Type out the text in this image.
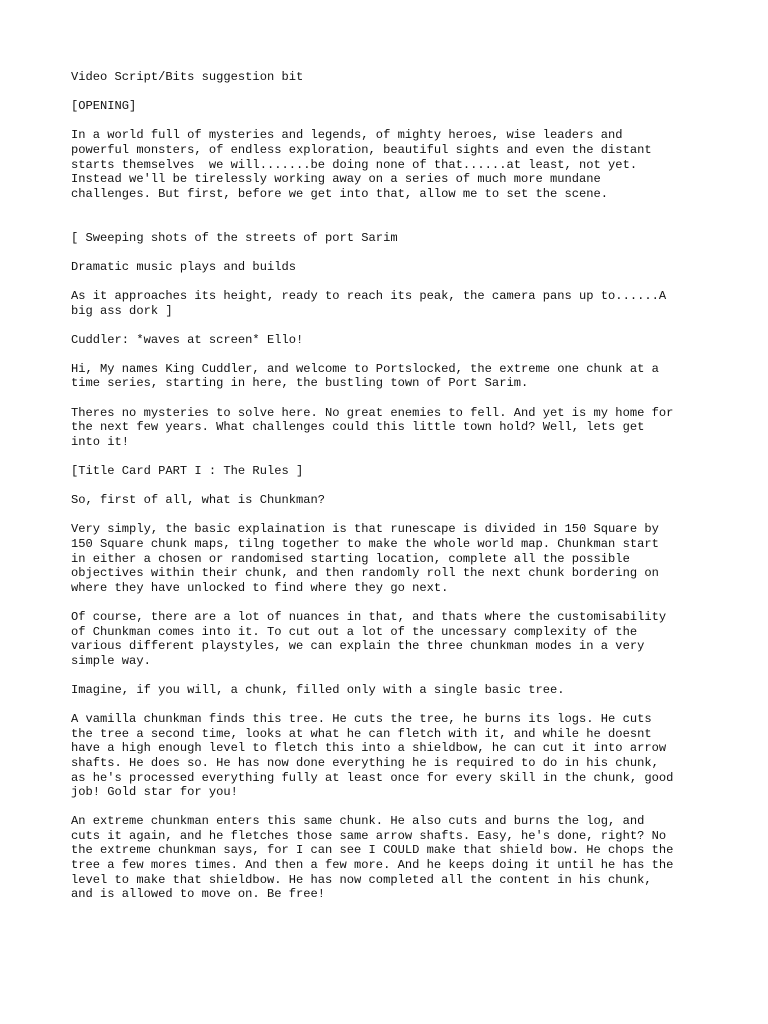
Video Script/Bits suggestion bit

[OPENING]

In a world full of mysteries and legends, of mighty heroes, wise leaders and
powerful monsters, of endless exploration, beautiful sights and even the distant
starts themselves  we will.......be doing none of that......at least, not yet.
Instead we'll be tirelessly working away on a series of much more mundane
challenges. But first, before we get into that, allow me to set the scene.

[ Sweeping shots of the streets of port Sarim

Dramatic music plays and builds

As it approaches its height, ready to reach its peak, the camera pans up to......A
big ass dork ]

Cuddler: *waves at screen* Ello!

Hi, My names King Cuddler, and welcome to Portslocked, the extreme one chunk at a
time series, starting in here, the bustling town of Port Sarim.

Theres no mysteries to solve here. No great enemies to fell. And yet is my home for
the next few years. What challenges could this little town hold? Well, lets get
into it!

[Title Card PART I : The Rules ]

So, first of all, what is Chunkman?

Very simply, the basic explaination is that runescape is divided in 150 Square by
150 Square chunk maps, tilng together to make the whole world map. Chunkman start
in either a chosen or randomised starting location, complete all the possible
objectives within their chunk, and then randomly roll the next chunk bordering on
where they have unlocked to find where they go next.

Of course, there are a lot of nuances in that, and thats where the customisability
of Chunkman comes into it. To cut out a lot of the uncessary complexity of the
various different playstyles, we can explain the three chunkman modes in a very
simple way.

Imagine, if you will, a chunk, filled only with a single basic tree.

A vamilla chunkman finds this tree. He cuts the tree, he burns its logs. He cuts
the tree a second time, looks at what he can fletch with it, and while he doesnt
have a high enough level to fletch this into a shieldbow, he can cut it into arrow
shafts. He does so. He has now done everything he is required to do in his chunk,
as he's processed everything fully at least once for every skill in the chunk, good
job! Gold star for you!

An extreme chunkman enters this same chunk. He also cuts and burns the log, and
cuts it again, and he fletches those same arrow shafts. Easy, he's done, right? No
the extreme chunkman says, for I can see I COULD make that shield bow. He chops the
tree a few mores times. And then a few more. And he keeps doing it until he has the
level to make that shieldbow. He has now completed all the content in his chunk,
and is allowed to move on. Be free!
